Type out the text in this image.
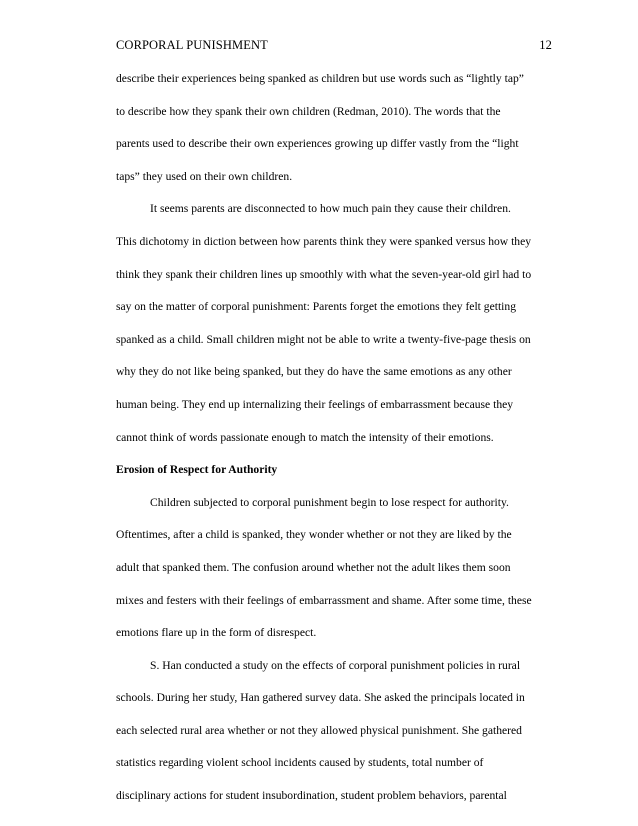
CORPORAL PUNISHMENT	12
describe their experiences being spanked as children but use words such as “lightly tap”
to describe how they spank their own children (Redman, 2010). The words that the
parents used to describe their own experiences growing up differ vastly from the “light
taps” they used on their own children.
It seems parents are disconnected to how much pain they cause their children.
This dichotomy in diction between how parents think they were spanked versus how they
think they spank their children lines up smoothly with what the seven-year-old girl had to
say on the matter of corporal punishment: Parents forget the emotions they felt getting
spanked as a child. Small children might not be able to write a twenty-five-page thesis on
why they do not like being spanked, but they do have the same emotions as any other
human being. They end up internalizing their feelings of embarrassment because they
cannot think of words passionate enough to match the intensity of their emotions.
Erosion of Respect for Authority
Children subjected to corporal punishment begin to lose respect for authority.
Oftentimes, after a child is spanked, they wonder whether or not they are liked by the
adult that spanked them. The confusion around whether not the adult likes them soon
mixes and festers with their feelings of embarrassment and shame. After some time, these
emotions flare up in the form of disrespect.
S. Han conducted a study on the effects of corporal punishment policies in rural
schools. During her study, Han gathered survey data. She asked the principals located in
each selected rural area whether or not they allowed physical punishment. She gathered
statistics regarding violent school incidents caused by students, total number of
disciplinary actions for student insubordination, student problem behaviors, parental
